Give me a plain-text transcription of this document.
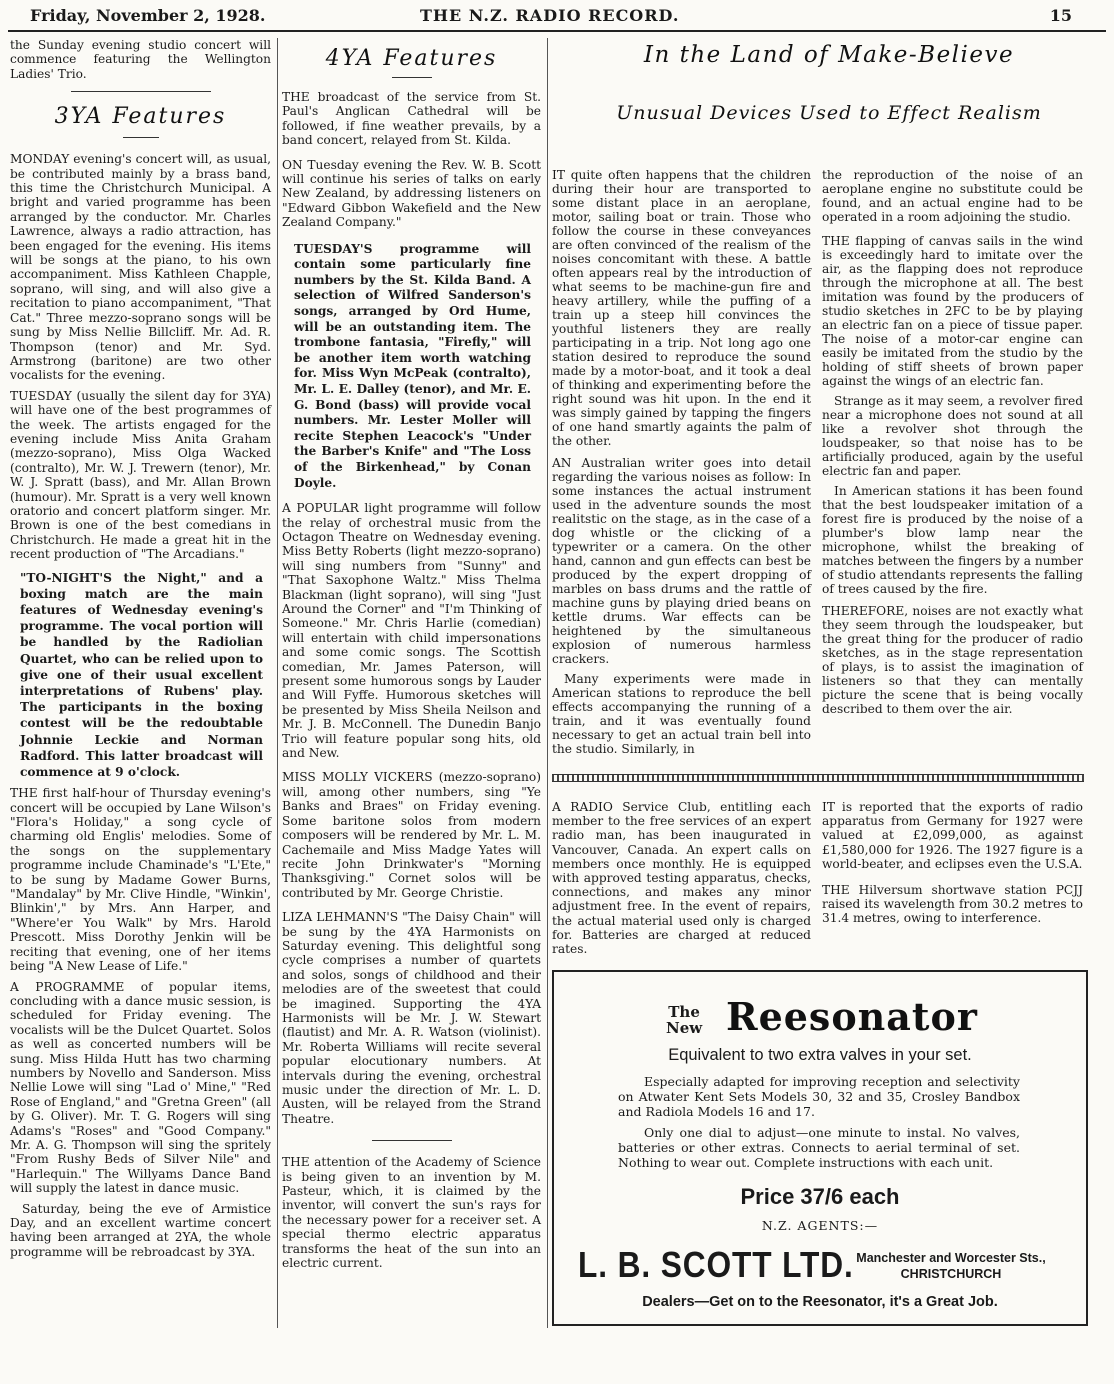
Friday, November 2, 1928.	THE N.Z. RADIO RECORD.	15

the Sunday evening studio concert will commence featuring the Wellington Ladies' Trio.

3YA Features

MONDAY evening's concert will, as usual, be contributed mainly by a brass band, this time the Christchurch Municipal. A bright and varied programme has been arranged by the conductor. Mr. Charles Lawrence, always a radio attraction, has been engaged for the evening. His items will be songs at the piano, to his own accompaniment. Miss Kathleen Chapple, soprano, will sing, and will also give a recitation to piano accompaniment, "That Cat." Three mezzo-soprano songs will be sung by Miss Nellie Billcliff. Mr. Ad. R. Thompson (tenor) and Mr. Syd. Armstrong (baritone) are two other vocalists for the evening.

TUESDAY (usually the silent day for 3YA) will have one of the best programmes of the week. The artists engaged for the evening include Miss Anita Graham (mezzo-soprano), Miss Olga Wacked (contralto), Mr. W. J. Trewern (tenor), Mr. W. J. Spratt (bass), and Mr. Allan Brown (humour). Mr. Spratt is a very well known oratorio and concert platform singer. Mr. Brown is one of the best comedians in Christchurch. He made a great hit in the recent production of "The Arcadians."

"TO-NIGHT'S the Night," and a boxing match are the main features of Wednesday evening's programme. The vocal portion will be handled by the Radiolian Quartet, who can be relied upon to give one of their usual excellent interpretations of Rubens' play. The participants in the boxing contest will be the redoubtable Johnnie Leckie and Norman Radford. This latter broadcast will commence at 9 o'clock.

THE first half-hour of Thursday evening's concert will be occupied by Lane Wilson's "Flora's Holiday," a song cycle of charming old Englis' melodies. Some of the songs on the supplementary programme include Chaminade's "L'Ete," to be sung by Madame Gower Burns, "Mandalay" by Mr. Clive Hindle, "Winkin', Blinkin'," by Mrs. Ann Harper, and "Where'er You Walk" by Mrs. Harold Prescott. Miss Dorothy Jenkin will be reciting that evening, one of her items being "A New Lease of Life."

A PROGRAMME of popular items, concluding with a dance music session, is scheduled for Friday evening. The vocalists will be the Dulcet Quartet. Solos as well as concerted numbers will be sung. Miss Hilda Hutt has two charming numbers by Novello and Sanderson. Miss Nellie Lowe will sing "Lad o' Mine," "Red Rose of England," and "Gretna Green" (all by G. Oliver). Mr. T. G. Rogers will sing Adams's "Roses" and "Good Company." Mr. A. G. Thompson will sing the spritely "From Rushy Beds of Silver Nile" and "Harlequin." The Willyams Dance Band will supply the latest in dance music.

Saturday, being the eve of Armistice Day, and an excellent wartime concert having been arranged at 2YA, the whole programme will be rebroadcast by 3YA.

4YA Features

THE broadcast of the service from St. Paul's Anglican Cathedral will be followed, if fine weather prevails, by a band concert, relayed from St. Kilda.

ON Tuesday evening the Rev. W. B. Scott will continue his series of talks on early New Zealand, by addressing listeners on "Edward Gibbon Wakefield and the New Zealand Company."

TUESDAY'S programme will contain some particularly fine numbers by the St. Kilda Band. A selection of Wilfred Sanderson's songs, arranged by Ord Hume, will be an outstanding item. The trombone fantasia, "Firefly," will be another item worth watching for. Miss Wyn McPeak (contralto), Mr. L. E. Dalley (tenor), and Mr. E. G. Bond (bass) will provide vocal numbers. Mr. Lester Moller will recite Stephen Leacock's "Under the Barber's Knife" and "The Loss of the Birkenhead," by Conan Doyle.

A POPULAR light programme will follow the relay of orchestral music from the Octagon Theatre on Wednesday evening. Miss Betty Roberts (light mezzo-soprano) will sing numbers from "Sunny" and "That Saxophone Waltz." Miss Thelma Blackman (light soprano), will sing "Just Around the Corner" and "I'm Thinking of Someone." Mr. Chris Harlie (comedian) will entertain with child impersonations and some comic songs. The Scottish comedian, Mr. James Paterson, will present some humorous songs by Lauder and Will Fyffe. Humorous sketches will be presented by Miss Sheila Neilson and Mr. J. B. McConnell. The Dunedin Banjo Trio will feature popular song hits, old and New.

MISS MOLLY VICKERS (mezzo-soprano) will, among other numbers, sing "Ye Banks and Braes" on Friday evening. Some baritone solos from modern composers will be rendered by Mr. L. M. Cachemaile and Miss Madge Yates will recite John Drinkwater's "Morning Thanksgiving." Cornet solos will be contributed by Mr. George Christie.

LIZA LEHMANN'S "The Daisy Chain" will be sung by the 4YA Harmonists on Saturday evening. This delightful song cycle comprises a number of quartets and solos, songs of childhood and their melodies are of the sweetest that could be imagined. Supporting the 4YA Harmonists will be Mr. J. W. Stewart (flautist) and Mr. A. R. Watson (violinist). Mr. Roberta Williams will recite several popular elocutionary numbers. At intervals during the evening, orchestral music under the direction of Mr. L. D. Austen, will be relayed from the Strand Theatre.

THE attention of the Academy of Science is being given to an invention by M. Pasteur, which, it is claimed by the inventor, will convert the sun's rays for the necessary power for a receiver set. A special thermo electric apparatus transforms the heat of the sun into an electric current.

In the Land of Make-Believe
Unusual Devices Used to Effect Realism

IT quite often happens that the children during their hour are transported to some distant place in an aeroplane, motor, sailing boat or train. Those who follow the course in these conveyances are often convinced of the realism of the noises concomitant with these. A battle often appears real by the introduction of what seems to be machine-gun fire and heavy artillery, while the puffing of a train up a steep hill convinces the youthful listeners they are really participating in a trip. Not long ago one station desired to reproduce the sound made by a motor-boat, and it took a deal of thinking and experimenting before the right sound was hit upon. In the end it was simply gained by tapping the fingers of one hand smartly againts the palm of the other.

AN Australian writer goes into detail regarding the various noises as follow: In some instances the actual instrument used in the adventure sounds the most realitstic on the stage, as in the case of a dog whistle or the clicking of a typewriter or a camera. On the other hand, cannon and gun effects can best be produced by the expert dropping of marbles on bass drums and the rattle of machine guns by playing dried beans on kettle drums. War effects can be heightened by the simultaneous explosion of numerous harmless crackers.

Many experiments were made in American stations to reproduce the bell effects accompanying the running of a train, and it was eventually found necessary to get an actual train bell into the studio. Similarly, in

the reproduction of the noise of an aeroplane engine no substitute could be found, and an actual engine had to be operated in a room adjoining the studio.

THE flapping of canvas sails in the wind is exceedingly hard to imitate over the air, as the flapping does not reproduce through the microphone at all. The best imitation was found by the producers of studio sketches in 2FC to be by playing an electric fan on a piece of tissue paper. The noise of a motor-car engine can easily be imitated from the studio by the holding of stiff sheets of brown paper against the wings of an electric fan.

Strange as it may seem, a revolver fired near a microphone does not sound at all like a revolver shot through the loudspeaker, so that noise has to be artificially produced, again by the useful electric fan and paper.

In American stations it has been found that the best loudspeaker imitation of a forest fire is produced by the noise of a plumber's blow lamp near the microphone, whilst the breaking of matches between the fingers by a number of studio attendants represents the falling of trees caused by the fire.

THEREFORE, noises are not exactly what they seem through the loudspeaker, but the great thing for the producer of radio sketches, as in the stage representation of plays, is to assist the imagination of listeners so that they can mentally picture the scene that is being vocally described to them over the air.

A RADIO Service Club, entitling each member to the free services of an expert radio man, has been inaugurated in Vancouver, Canada. An expert calls on members once monthly. He is equipped with approved testing apparatus, checks, connections, and makes any minor adjustment free. In the event of repairs, the actual material used only is charged for. Batteries are charged at reduced rates.

IT is reported that the exports of radio apparatus from Germany for 1927 were valued at £2,099,000, as against £1,580,000 for 1926. The 1927 figure is a world-beater, and eclipses even the U.S.A.

THE Hilversum shortwave station PCJJ raised its wavelength from 30.2 metres to 31.4 metres, owing to interference.

The
New Reesonator
Equivalent to two extra valves in your set.

Especially adapted for improving reception and selectivity on Atwater Kent Sets Models 30, 32 and 35, Crosley Bandbox and Radiola Models 16 and 17.

Only one dial to adjust—one minute to instal. No valves, batteries or other extras. Connects to aerial terminal of set. Nothing to wear out. Complete instructions with each unit.

Price 37/6 each
N.Z. AGENTS:—
L. B. SCOTT LTD. Manchester and Worcester Sts.,
CHRISTCHURCH
Dealers—Get on to the Reesonator, it's a Great Job.
